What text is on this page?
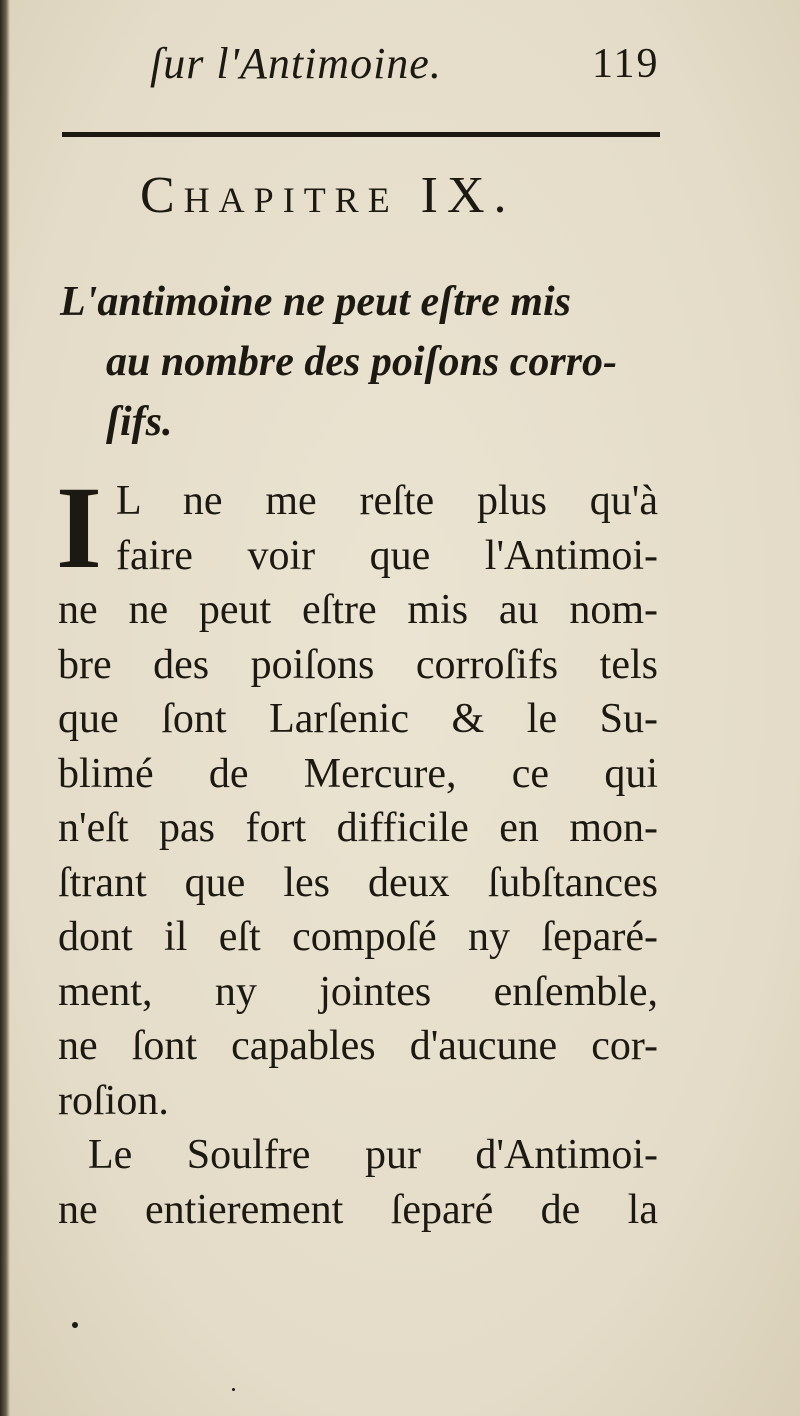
ſur l'Antimoine.	119
Chapitre IX.
L'antimoine ne peut eſtre mis
au nombre des poiſons corro-
ſifs.
I L ne me reſte plus qu'à
faire voir que l'Antimoi-
ne ne peut eſtre mis au nom-
bre des poiſons corroſifs tels
que ſont Larſenic & le Su-
blimé de Mercure, ce qui
n'eſt pas fort difficile en mon-
ſtrant que les deux ſubſtances
dont il eſt compoſé ny ſeparé-
ment, ny jointes enſemble,
ne ſont capables d'aucune cor-
roſion.
Le Soulfre pur d'Antimoi-
ne entierement ſeparé de la
